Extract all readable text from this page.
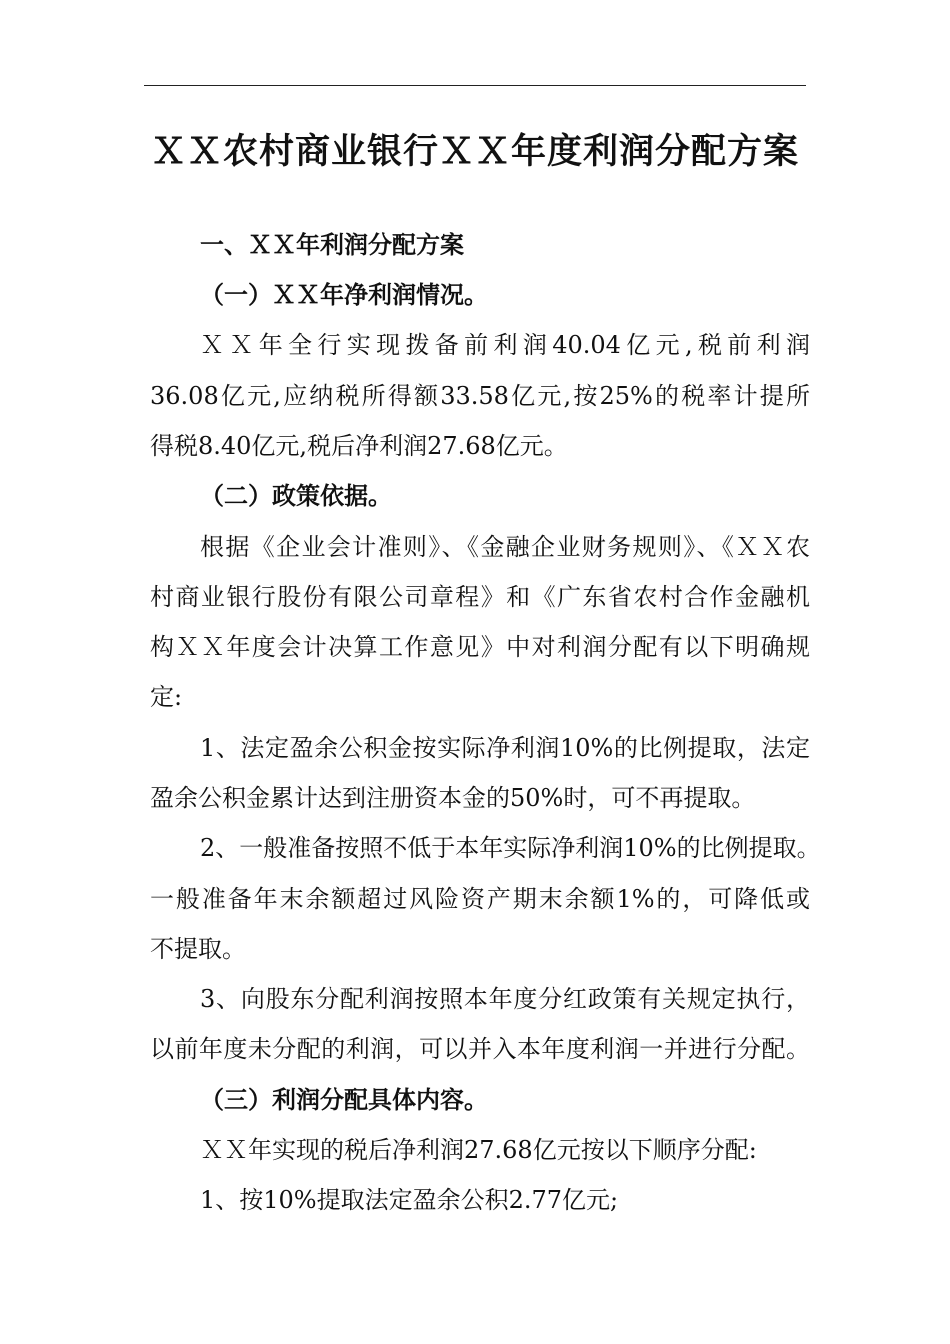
ＸＸ农村商业银行ＸＸ年度利润分配方案
一、ＸＸ年利润分配方案
（一）ＸＸ年净利润情况。
ＸＸ年全行实现拨备前利润40.04亿元,税前利润
36.08亿元,应纳税所得额33.58亿元,按25%的税率计提所
得税8.40亿元,税后净利润27.68亿元。
（二）政策依据。
根据《企业会计准则》、《金融企业财务规则》、《ＸＸ农
村商业银行股份有限公司章程》和《广东省农村合作金融机
构ＸＸ年度会计决算工作意见》中对利润分配有以下明确规
定:
1、法定盈余公积金按实际净利润10%的比例提取，法定
盈余公积金累计达到注册资本金的50%时，可不再提取。
2、一般准备按照不低于本年实际净利润10%的比例提取。
一般准备年末余额超过风险资产期末余额1%的，可降低或
不提取。
3、向股东分配利润按照本年度分红政策有关规定执行，
以前年度未分配的利润，可以并入本年度利润一并进行分配。
（三）利润分配具体内容。
ＸＸ年实现的税后净利润27.68亿元按以下顺序分配:
1、按10%提取法定盈余公积2.77亿元;
